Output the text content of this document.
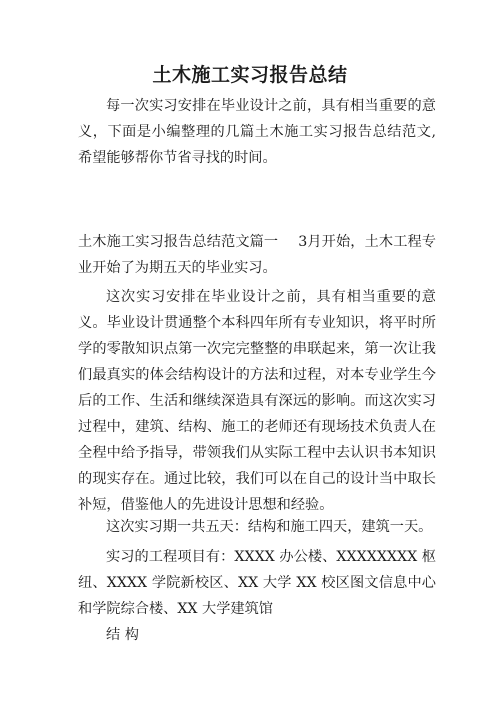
土木施工实习报告总结

每一次实习安排在毕业设计之前，具有相当重要的意义，下面是小编整理的几篇土木施工实习报告总结范文,希望能够帮你节省寻找的时间。

土木施工实习报告总结范文篇一 3月开始，土木工程专业开始了为期五天的毕业实习。

这次实习安排在毕业设计之前，具有相当重要的意义。毕业设计贯通整个本科四年所有专业知识，将平时所学的零散知识点第一次完完整整的串联起来，第一次让我们最真实的体会结构设计的方法和过程，对本专业学生今后的工作、生活和继续深造具有深远的影响。而这次实习过程中，建筑、结构、施工的老师还有现场技术负责人在全程中给予指导，带领我们从实际工程中去认识书本知识的现实存在。通过比较，我们可以在自己的设计当中取长补短，借鉴他人的先进设计思想和经验。

这次实习期一共五天：结构和施工四天，建筑一天。

实习的工程项目有：XXXX 办公楼、XXXXXXXX 枢纽、XXXX 学院新校区、XX 大学 XX 校区图文信息中心和学院综合楼、XX 大学建筑馆

结 构
